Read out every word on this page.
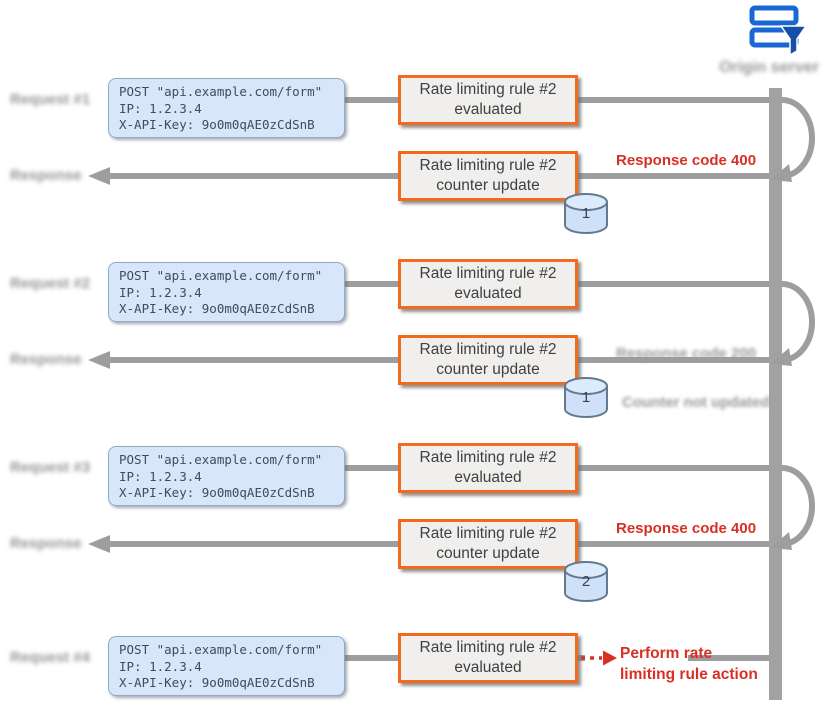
Request #1
Response
POST "api.example.com/form"
IP: 1.2.3.4
X-API-Key: 9o0m0qAE0zCdSnB
Rate limiting rule #2
evaluated
Response code 400
Rate limiting rule #2
counter update
1
Request #2
Response
POST "api.example.com/form"
IP: 1.2.3.4
X-API-Key: 9o0m0qAE0zCdSnB
Rate limiting rule #2
evaluated
Response code 200
Rate limiting rule #2
counter update
1	Counter not updated
Request #3
Response
POST "api.example.com/form"
IP: 1.2.3.4
X-API-Key: 9o0m0qAE0zCdSnB
Rate limiting rule #2
evaluated
Response code 400
Rate limiting rule #2
counter update
2
Request #4	POST "api.example.com/form"
IP: 1.2.3.4
X-API-Key: 9o0m0qAE0zCdSnB
Rate limiting rule #2
evaluated
Perform rate
limiting rule action
Origin server
